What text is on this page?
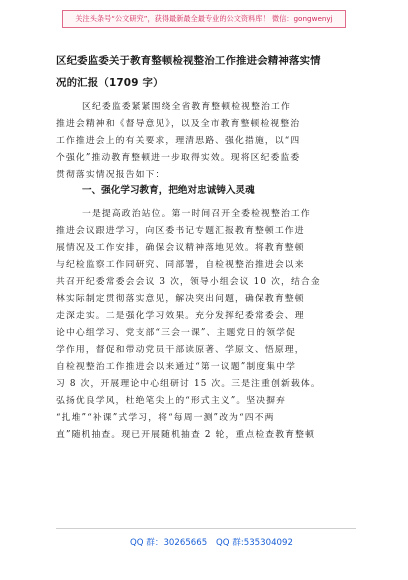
关注头条号“公文研究”，获得最新最全最专业的公文资料库！ 微信：gongwenyj
区纪委监委关于教育整顿检视整治工作推进会精神落实情
况的汇报（1709 字）
区纪委监委紧紧围绕全省教育整顿检视整治工作
推进会精神和《督导意见》，以及全市教育整顿检视整治
工作推进会上的有关要求，理清思路、强化措施，以“四
个强化”推动教育整顿进一步取得实效。现将区纪委监委
贯彻落实情况报告如下：
一、强化学习教育，把绝对忠诚铸入灵魂
一是提高政治站位。第一时间召开全委检视整治工作
推进会议跟进学习，向区委书记专题汇报教育整顿工作进
展情况及工作安排，确保会议精神落地见效。将教育整顿
与纪检监察工作同研究、同部署，自检视整治推进会以来
共召开纪委常委会会议 3 次，领导小组会议 10 次，结合金
林实际制定贯彻落实意见，解决突出问题，确保教育整顿
走深走实。二是强化学习效果。充分发挥纪委常委会、理
论中心组学习、党支部“三会一课”、主题党日的领学促
学作用，督促和带动党员干部读原著、学原文、悟原理，
自检视整治工作推进会以来通过“第一议题”制度集中学
习 8 次，开展理论中心组研讨 15 次。三是注重创新载体。
弘扬优良学风，杜绝笔尖上的“形式主义”。坚决摒弃
“扎堆”“补课”式学习，将“每周一测”改为“四不两
直”随机抽查。现已开展随机抽查 2 轮，重点检查教育整顿
QQ 群：30265665 QQ 群:535304092
